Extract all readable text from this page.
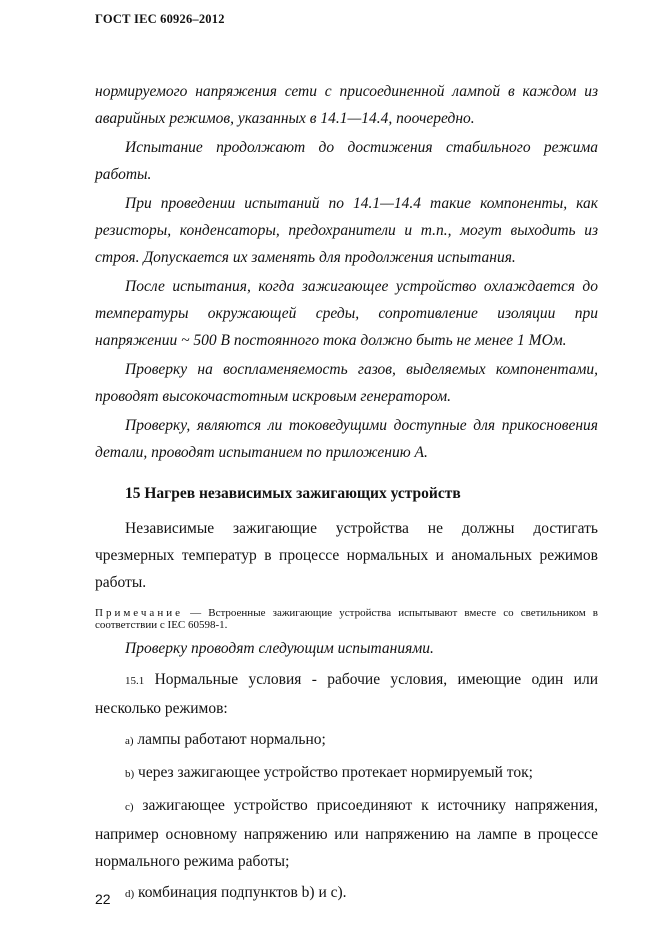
ГОСТ IEC 60926–2012

нормируемого напряжения сети с присоединенной лампой в каждом из аварийных режимов, указанных в 14.1—14.4, поочередно.

Испытание продолжают до достижения стабильного режима работы.

При проведении испытаний по 14.1—14.4 такие компоненты, как резисторы, конденсаторы, предохранители и т.п., могут выходить из строя. Допускается их заменять для продолжения испытания.

После испытания, когда зажигающее устройство охлаждается до температуры окружающей среды, сопротивление изоляции при напряжении ~ 500 В постоянного тока должно быть не менее 1 МОм.

Проверку на воспламеняемость газов, выделяемых компонентами, проводят высокочастотным искровым генератором.

Проверку, являются ли токоведущими доступные для прикосновения детали, проводят испытанием по приложению А.

15 Нагрев независимых зажигающих устройств

Независимые зажигающие устройства не должны достигать чрезмерных температур в процессе нормальных и аномальных режимов работы.

Примечание — Встроенные зажигающие устройства испытывают вместе со светильником в соответствии с IEC 60598-1.

Проверку проводят следующим испытаниями.

15.1 Нормальные условия - рабочие условия, имеющие один или несколько режимов:

a) лампы работают нормально;

b) через зажигающее устройство протекает нормируемый ток;

c) зажигающее устройство присоединяют к источнику напряжения, например основному напряжению или напряжению на лампе в процессе нормального режима работы;

d) комбинация подпунктов b) и c).

22
